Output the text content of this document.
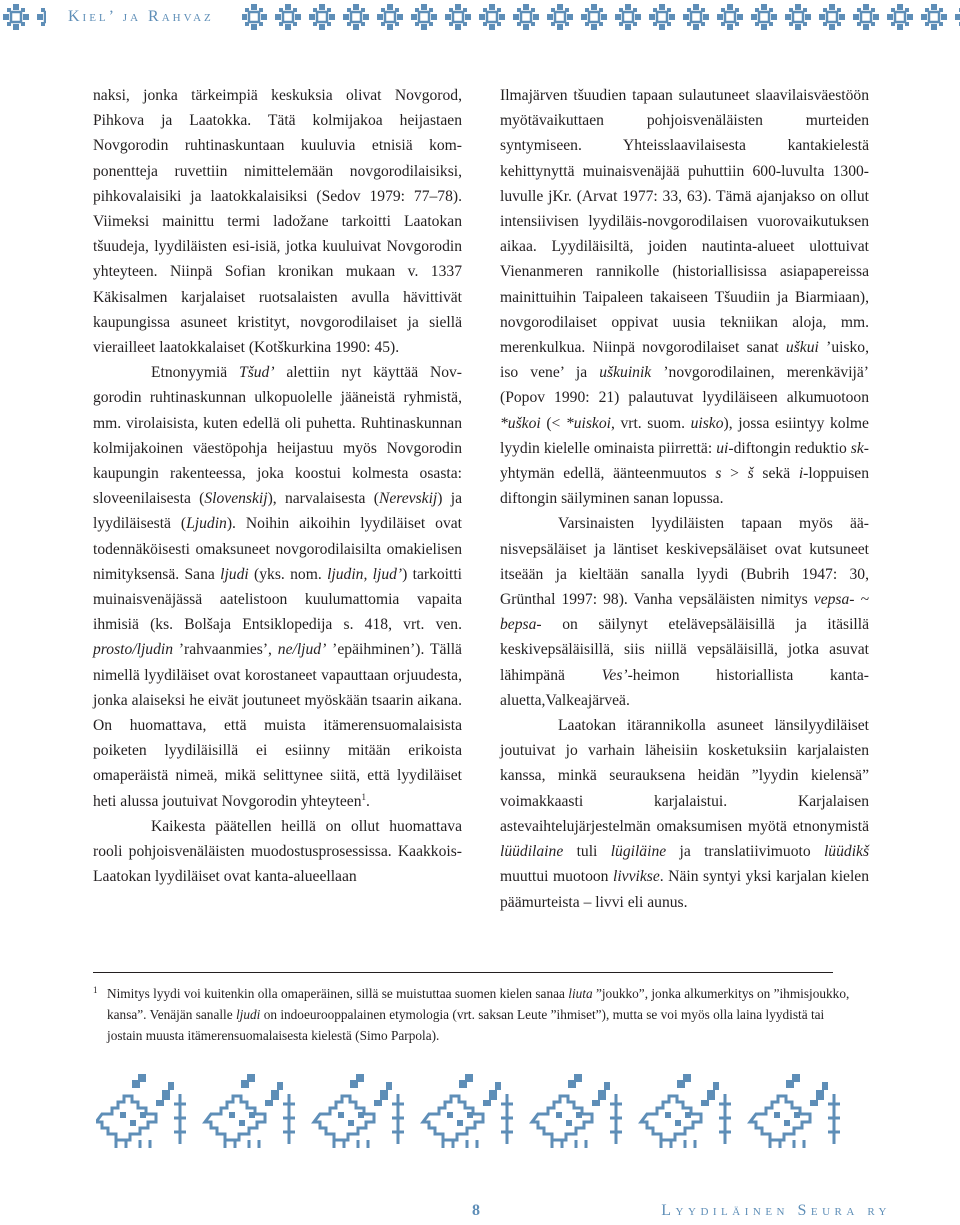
Kiel’ ja Rahvaz

naksi, jonka tärkeimpiä keskuksia olivat Novgorod, Pihkova ja Laatokka. Tätä kolmijakoa heijastaen Novgorodin ruhtinaskuntaan kuuluvia etnisiä komponentteja ruvettiin nimittelemään novgorodilaisiksi, pihkovalaisiki ja laatokkalaisiksi (Sedov 1979: 77–78). Viimeksi mainittu termi ladožane tarkoitti Laatokan tšuudeja, lyydiläisten esi-isiä, jotka kuuluivat Novgorodin yhteyteen. Niinpä Sofian kronikan mukaan v. 1337 Käkisalmen karjalaiset ruotsalaisten avulla hävittivät kaupungissa asuneet kristityt, novgorodilaiset ja siellä vierailleet laatokkalaiset (Kotškurkina 1990: 45).

Etnonyymiä Tšud’ alettiin nyt käyttää Novgorodin ruhtinaskunnan ulkopuolelle jääneistä ryhmistä, mm. virolaisista, kuten edellä oli puhetta. Ruhtinaskunnan kolmijakoinen väestöpohja heijastuu myös Novgorodin kaupungin rakenteessa, joka koostui kolmesta osasta: sloveenilaisesta (Slovenskij), narvalaisesta (Nerevskij) ja lyydiläisestä (Ljudin). Noihin aikoihin lyydiläiset ovat todennäköisesti omaksuneet novgorodilaisilta omakielisen nimityksensä. Sana ljudi (yks. nom. ljudin, ljud’) tarkoitti muinaisvenäjässä aatelistoon kuulumattomia vapaita ihmisiä (ks. Bolšaja Entsiklopedija s. 418, vrt. ven. prosto/ljudin ’rahvaanmies’, ne/ljud’ ’epäihminen’). Tällä nimellä lyydiläiset ovat korostaneet vapauttaan orjuudesta, jonka alaiseksi he eivät joutuneet myöskään tsaarin aikana. On huomattava, että muista itämerensuomalaisista poiketen lyydiläisillä ei esiinny mitään erikoista omaperäistä nimeä, mikä selittynee siitä, että lyydiläiset heti alussa joutuivat Novgorodin yhteyteen$^1$.

Kaikesta päätellen heillä on ollut huomattava rooli pohjoisvenäläisten muodostusprosessissa. Kaakkois-Laatokan lyydiläiset ovat kanta-alueellaan

Ilmajärven tšuudien tapaan sulautuneet slaavilaisväestöön myötävaikuttaen pohjoisvenäläisten murteiden syntymiseen. Yhteisslaavilaisesta kantakielestä kehittynyttä muinaisvenäjää puhuttiin 600-luvulta 1300-luvulle jKr. (Arvat 1977: 33, 63). Tämä ajanjakso on ollut intensiivisen lyydiläis-novgorodilaisen vuorovaikutuksen aikaa. Lyydiläisiltä, joiden nautinta-alueet ulottuivat Vienanmeren rannikolle (historiallisissa asiapapereissa mainittuihin Taipaleen takaiseen Tšuudiin ja Biarmiaan), novgorodilaiset oppivat uusia tekniikan aloja, mm. merenkulkua. Niinpä novgorodilaiset sanat uškui ’uisko, iso vene’ ja uškuinik ’novgorodilainen, merenkävijä’ (Popov 1990: 21) palautuvat lyydiläiseen alkumuotoon *uškoi (< *uiskoi, vrt. suom. uisko), jossa esiintyy kolme lyydin kielelle ominaista piirrettä: ui-diftongin reduktio sk-yhtymän edellä, äänteenmuutos s > š sekä i-loppuisen diftongin säilyminen sanan lopussa.

Varsinaisten lyydiläisten tapaan myös äänisvepsäläiset ja läntiset keskivepsäläiset ovat kutsuneet itseään ja kieltään sanalla lyydi (Bubrih 1947: 30, Grünthal 1997: 98). Vanha vepsäläisten nimitys vepsa- ~ bepsa- on säilynyt etelävepsäläisillä ja itäsillä keskivepsäläisillä, siis niillä vepsäläisillä, jotka asuvat lähimpänä Ves’-heimon historiallista kantaaluetta,Valkeajärveä.

Laatokan itärannikolla asuneet länsilyydiläiset joutuivat jo varhain läheisiin kosketuksiin karjalaisten kanssa, minkä seurauksena heidän ”lyydin kielensä” voimakkaasti karjalaistui. Karjalaisen astevaihtelujärjestelmän omaksumisen myötä etnonymistä lüüdilaine tuli lügiläine ja translatiivimuoto lüüdikš muuttui muotoon livvikse. Näin syntyi yksi karjalan kielen päämurteista – livvi eli aunus.

1 Nimitys lyydi voi kuitenkin olla omaperäinen, sillä se muistuttaa suomen kielen sanaa liuta ”joukko”, jonka alkumerkitys on ”ihmisjoukko, kansa”. Venäjän sanalle ljudi on indoeurooppalainen etymologia (vrt. saksan Leute ”ihmiset”), mutta se voi myös olla laina lyydistä tai jostain muusta itämerensuomalaisesta kielestä (Simo Parpola).

8	Lyydiläinen Seura ry
